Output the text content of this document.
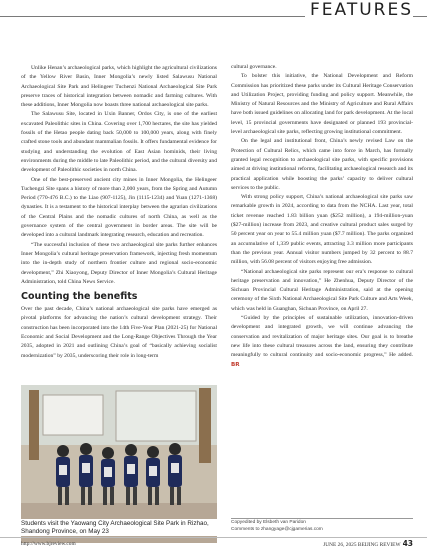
FEATURES

Unlike Henan’s archaeological parks, which highlight the agricultural civilizations of the Yellow River Basin, Inner Mongolia’s newly listed Salawusu National Archaeological Site Park and Helingeer Tuchenzi National Archaeological Site Park preserve traces of historical integration between nomadic and farming cultures. With these additions, Inner Mongolia now boasts three national archaeological site parks.

The Salawusu Site, located in Uxin Banner, Ordos City, is one of the earliest excavated Paleolithic sites in China. Covering over 1,700 hectares, the site has yielded fossils of the Hetao people dating back 50,000 to 100,000 years, along with finely crafted stone tools and abundant mammalian fossils. It offers fundamental evidence for studying and understanding the evolution of East Asian hominids, their living environments during the middle to late Paleolithic period, and the cultural diversity and development of Paleolithic societies in north China.

One of the best-preserved ancient city mines in Inner Mongolia, the Helingeer Tuchengzi Site spans a history of more than 2,000 years, from the Spring and Autumn Period (770-476 B.C.) to the Liao (907-1125), Jin (1115-1234) and Yuan (1271-1368) dynasties. It is a testament to the historical interplay between the agrarian civilizations of the Central Plains and the nomadic cultures of north China, as well as the governance system of the central government in border areas. The site will be developed into a cultural landmark integrating research, education and recreation.

“The successful inclusion of these two archaeological site parks further enhances Inner Mongolia’s cultural heritage preservation framework, injecting fresh momentum into the in-depth study of northern frontier culture and regional socio-economic development,” Zhi Xiaoyong, Deputy Director of Inner Mongolia’s Cultural Heritage Administration, told China News Service.

Counting the benefits

Over the past decade, China’s national archaeological site parks have emerged as pivotal platforms for advancing the nation’s cultural development strategy. Their construction has been incorporated into the 14th Five-Year Plan (2021-25) for National Economic and Social Development and the Long-Range Objectives Through the Year 2035, adopted in 2021 and outlining China’s goal of “basically achieving socialist modernization” by 2035, underscoring their role in long-term

Students visit the Yaowang City Archaeological Site Park in Rizhao, Shandong Province, on May 23

cultural governance.

To bolster this initiative, the National Development and Reform Commission has prioritized these parks under its Cultural Heritage Conservation and Utilization Project, providing funding and policy support. Meanwhile, the Ministry of Natural Resources and the Ministry of Agriculture and Rural Affairs have both issued guidelines on allocating land for park development. At the local level, 15 provincial governments have designated or planned 193 provincial-level archaeological site parks, reflecting growing institutional commitment.

On the legal and institutional front, China’s newly revised Law on the Protection of Cultural Relics, which came into force in March, has formally granted legal recognition to archaeological site parks, with specific provisions aimed at driving institutional reforms, facilitating archaeological research and its practical application while boosting the parks’ capacity to deliver cultural services to the public.

With strong policy support, China’s national archaeological site parks saw remarkable growth in 2024, according to data from the NCHA. Last year, total ticket revenue reached 1.83 billion yuan ($252 million), a 194-million-yuan ($27-million) increase from 2023, and creative cultural product sales surged by 50 percent year on year to 55.4 million yuan ($7.7 million). The parks organized an accumulative of 1,339 public events, attracting 3.3 million more participants than the previous year. Annual visitor numbers jumped by 32 percent to 88.7 million, with 56.08 percent of visitors enjoying free admission.

“National archaeological site parks represent our era’s response to cultural heritage preservation and innovation,” He Zhenhua, Deputy Director of the Sichuan Provincial Cultural Heritage Administration, said at the opening ceremony of the Sixth National Archaeological Site Park Culture and Arts Week, which was held in Guanghan, Sichuan Province, on April 27.

“Guided by the principles of sustainable utilization, innovation-driven development and integrated growth, we will continue advancing the conservation and revitalization of major heritage sites. Our goal is to breathe new life into these cultural treasures across the land, ensuring they contribute meaningfully to cultural continuity and socio-economic progress,” He added. BR

Copyedited by Elsbeth van Paridon
Comments to zhangyage@cjgamerias.com
http://www.bjreview.com	JUNE 26, 2025 BEIJING REVIEW 43
